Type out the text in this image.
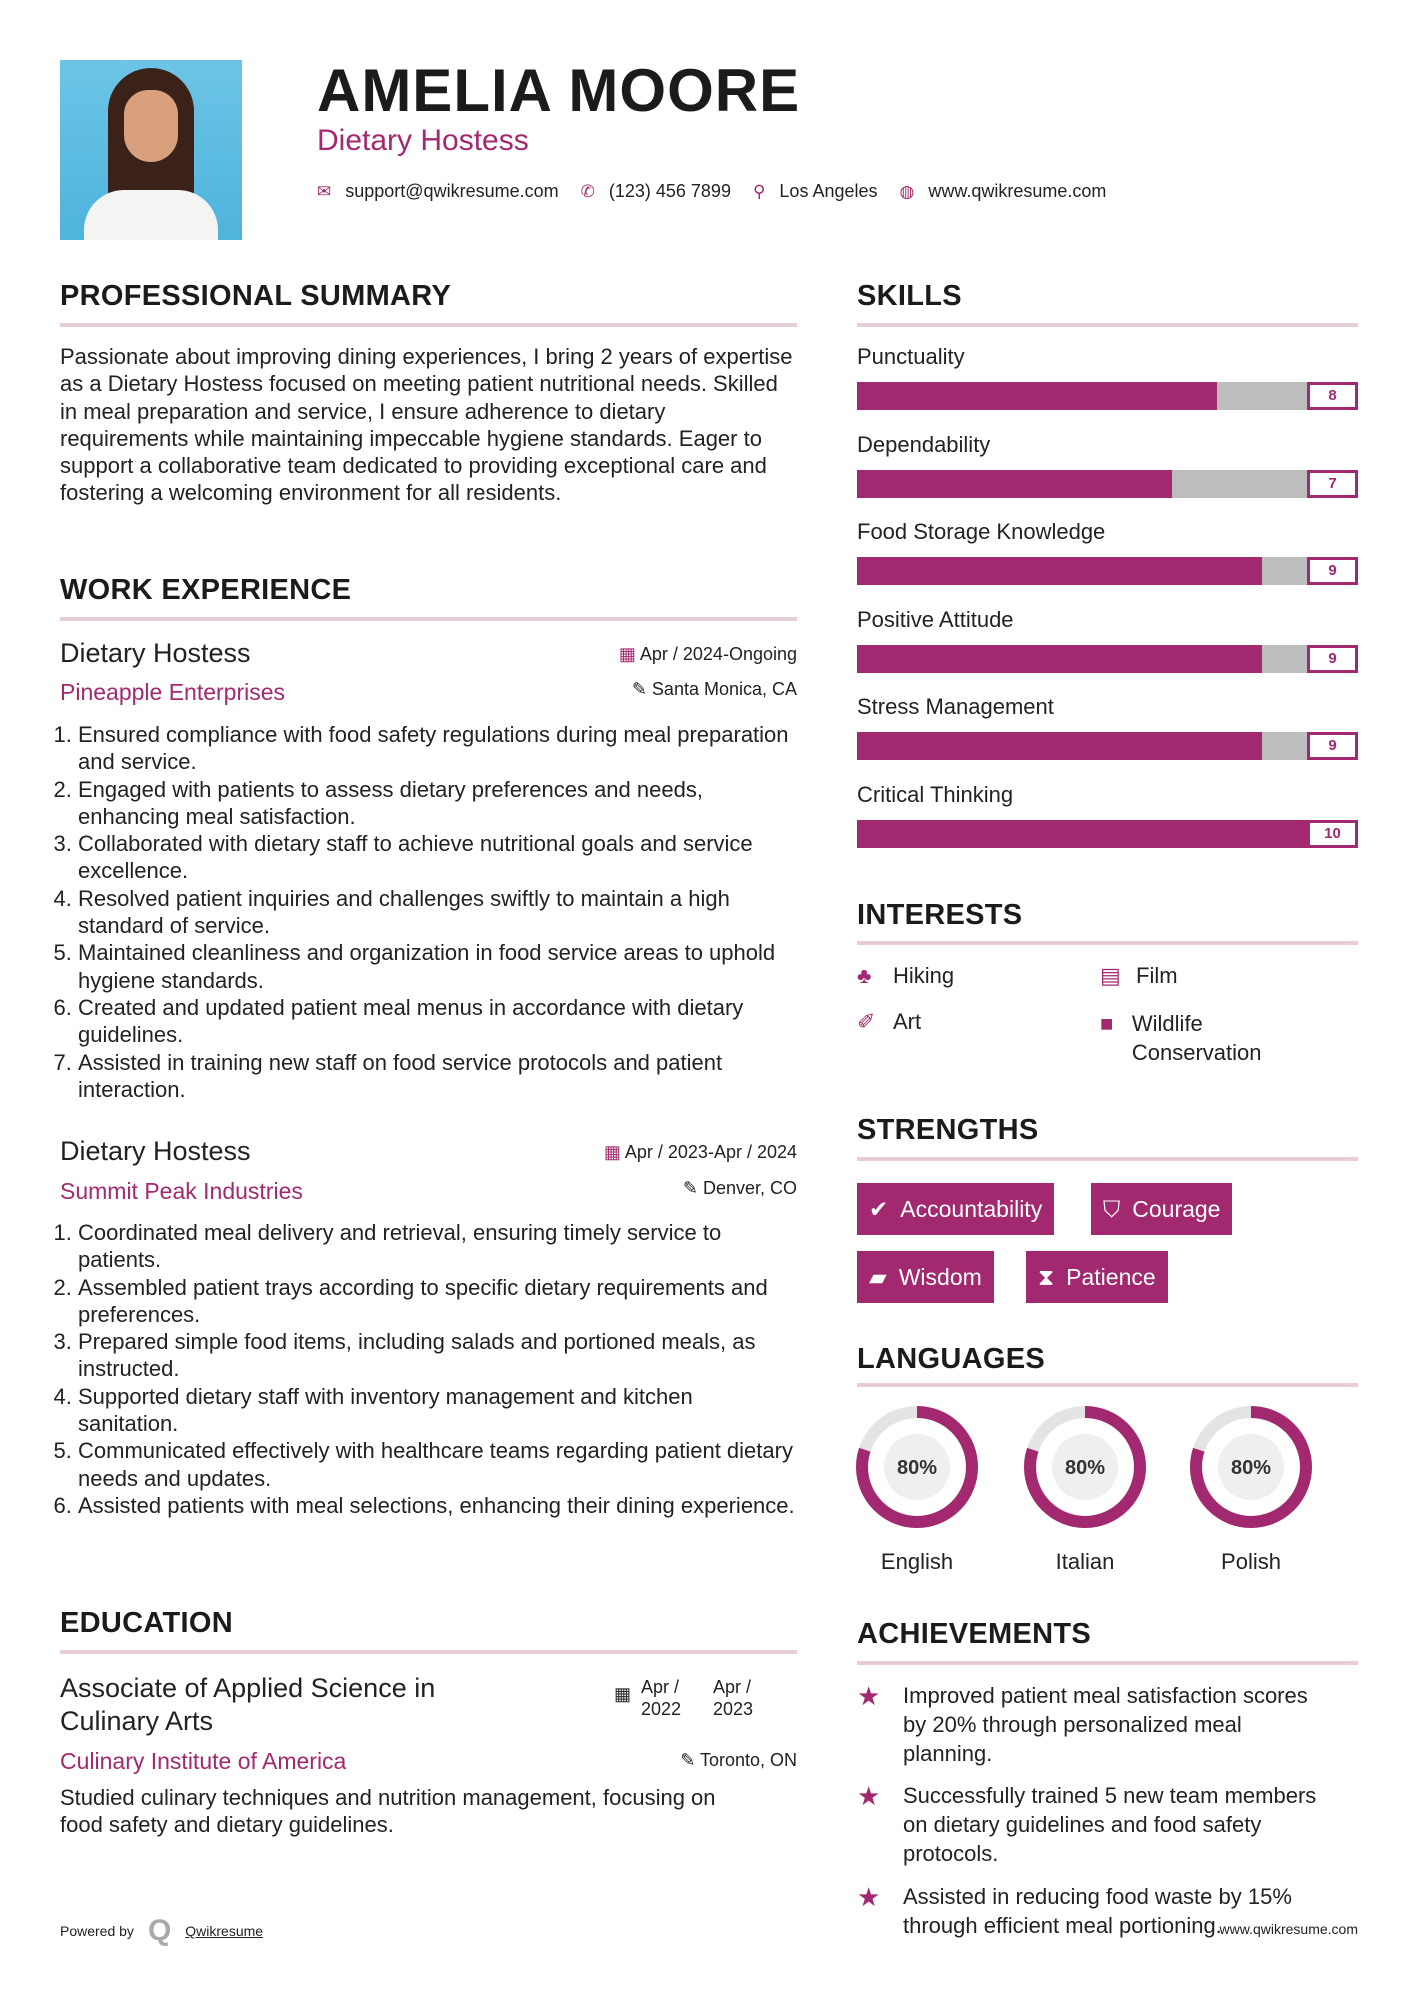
AMELIA MOORE
Dietary Hostess
✉ support@qwikresume.com ✆ (123) 456 7899 ⚲ Los Angeles ◍ www.qwikresume.com
PROFESSIONAL SUMMARY
Passionate about improving dining experiences, I bring 2 years of expertise as a Dietary Hostess focused on meeting patient nutritional needs. Skilled in meal preparation and service, I ensure adherence to dietary requirements while maintaining impeccable hygiene standards. Eager to support a collaborative team dedicated to providing exceptional care and fostering a welcoming environment for all residents.
WORK EXPERIENCE
Dietary Hostess	▦ Apr / 2024-Ongoing
Pineapple Enterprises	✎ Santa Monica, CA
1. Ensured compliance with food safety regulations during meal preparation and service.
2. Engaged with patients to assess dietary preferences and needs, enhancing meal satisfaction.
3. Collaborated with dietary staff to achieve nutritional goals and service excellence.
4. Resolved patient inquiries and challenges swiftly to maintain a high standard of service.
5. Maintained cleanliness and organization in food service areas to uphold hygiene standards.
6. Created and updated patient meal menus in accordance with dietary guidelines.
7. Assisted in training new staff on food service protocols and patient interaction.
Dietary Hostess	▦ Apr / 2023-Apr / 2024
Summit Peak Industries	✎ Denver, CO
1. Coordinated meal delivery and retrieval, ensuring timely service to patients.
2. Assembled patient trays according to specific dietary requirements and preferences.
3. Prepared simple food items, including salads and portioned meals, as instructed.
4. Supported dietary staff with inventory management and kitchen sanitation.
5. Communicated effectively with healthcare teams regarding patient dietary needs and updates.
6. Assisted patients with meal selections, enhancing their dining experience.
EDUCATION
Associate of Applied Science in Culinary Arts
▦ Apr / 2022
Apr / 2023
Culinary Institute of America	✎ Toronto, ON
Studied culinary techniques and nutrition management, focusing on food safety and dietary guidelines.
Powered by Q Qwikresume
SKILLS
Punctuality
8
Dependability
7
Food Storage Knowledge
9
Positive Attitude
9
Stress Management
9
Critical Thinking
10
INTERESTS
♣ Hiking	▤ Film
✐ Art	■ Wildlife Conservation
STRENGTHS
✔ Accountability	⛉ Courage
▰ Wisdom ⧗ Patience
LANGUAGES
80%
English
80%
Italian
80%
Polish
ACHIEVEMENTS
★ Improved patient meal satisfaction scores by 20% through personalized meal planning.
★ Successfully trained 5 new team members on dietary guidelines and food safety protocols.
★ Assisted in reducing food waste by 15% through efficient meal portioning.
www.qwikresume.com
